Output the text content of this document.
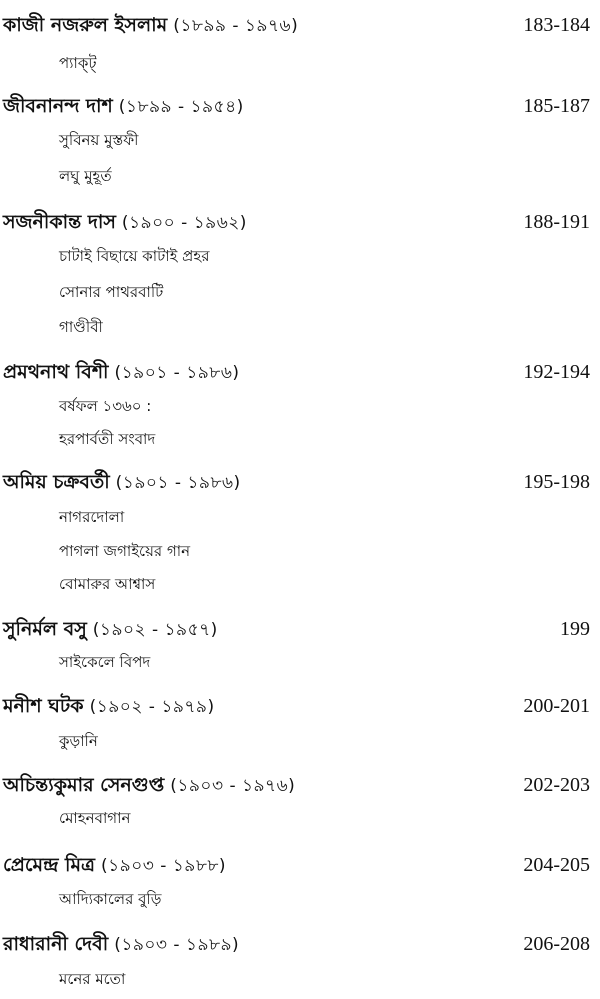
কাজী নজরুল ইসলাম (১৮৯৯ - ১৯৭৬)	183-184
প্যাক্ট্
জীবনানন্দ দাশ (১৮৯৯ - ১৯৫৪)	185-187
সুবিনয় মুস্তফী
লঘু মুহূর্ত
সজনীকান্ত দাস (১৯০০ - ১৯৬২)	188-191
চাটাই বিছায়ে কাটাই প্রহর
সোনার পাথরবাটি
গাণ্ডীবী
প্রমথনাথ বিশী (১৯০১ - ১৯৮৬)	192-194
বর্ষফল ১৩৬০ :
হরপার্বতী সংবাদ
অমিয় চক্রবর্তী (১৯০১ - ১৯৮৬)	195-198
নাগরদোলা
পাগলা জগাইয়ের গান
বোমারুর আশ্বাস
সুনির্মল বসু (১৯০২ - ১৯৫৭)	199
সাইকেলে বিপদ
মনীশ ঘটক (১৯০২ - ১৯৭৯)	200-201
কুড়ানি
অচিন্ত্যকুমার সেনগুপ্ত (১৯০৩ - ১৯৭৬)	202-203
মোহনবাগান
প্রেমেন্দ্র মিত্র (১৯০৩ - ১৯৮৮)	204-205
আদ্যিকালের বুড়ি
রাধারানী দেবী (১৯০৩ - ১৯৮৯)	206-208
মনের মতো
